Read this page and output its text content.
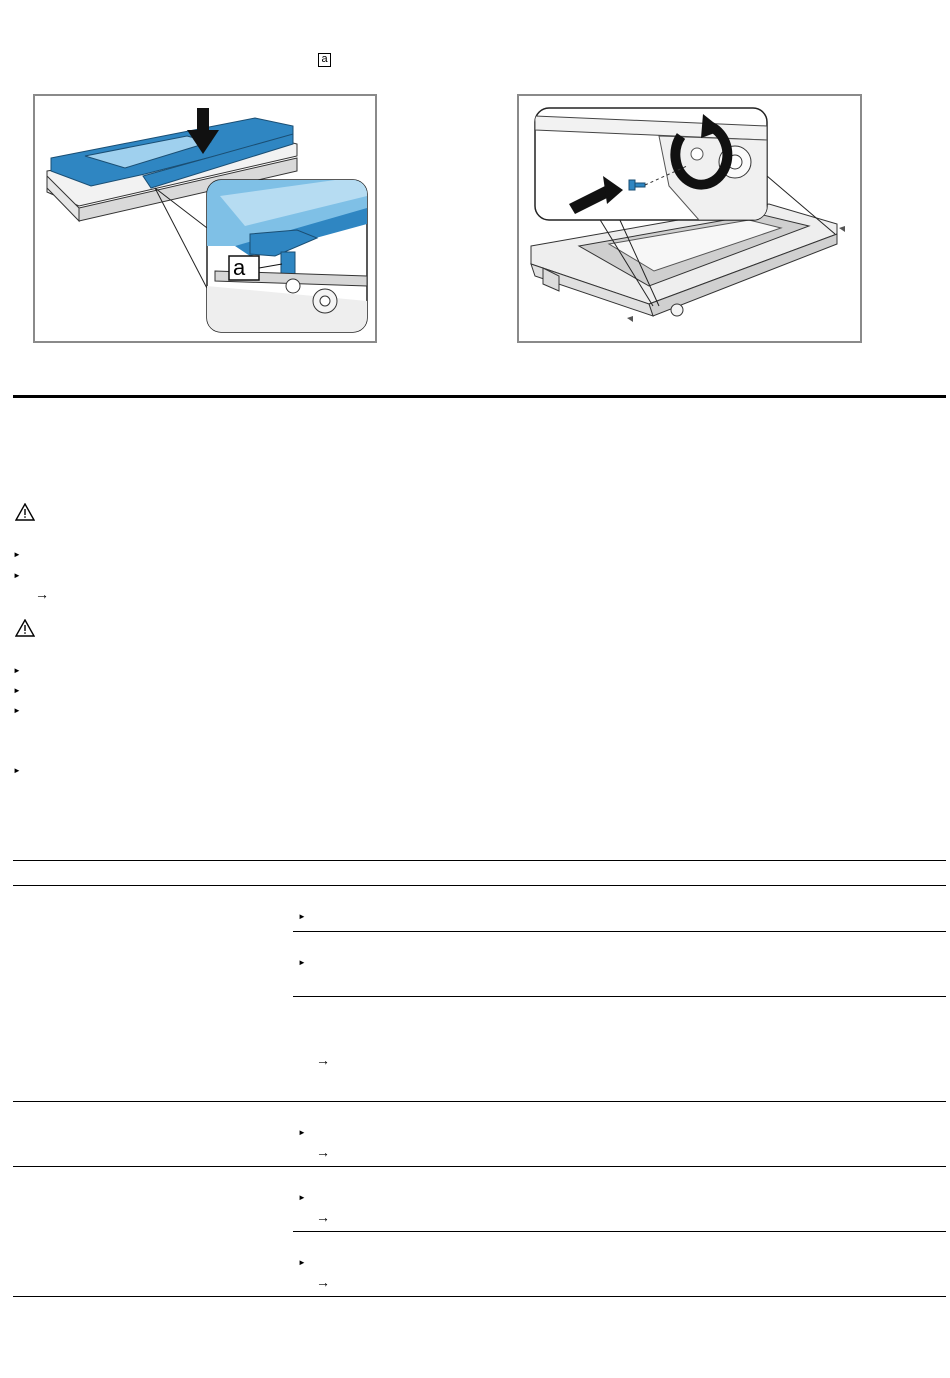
a
a
►
►
→
►
►
►
►
►
►
→
►
→
►
→
►
→
